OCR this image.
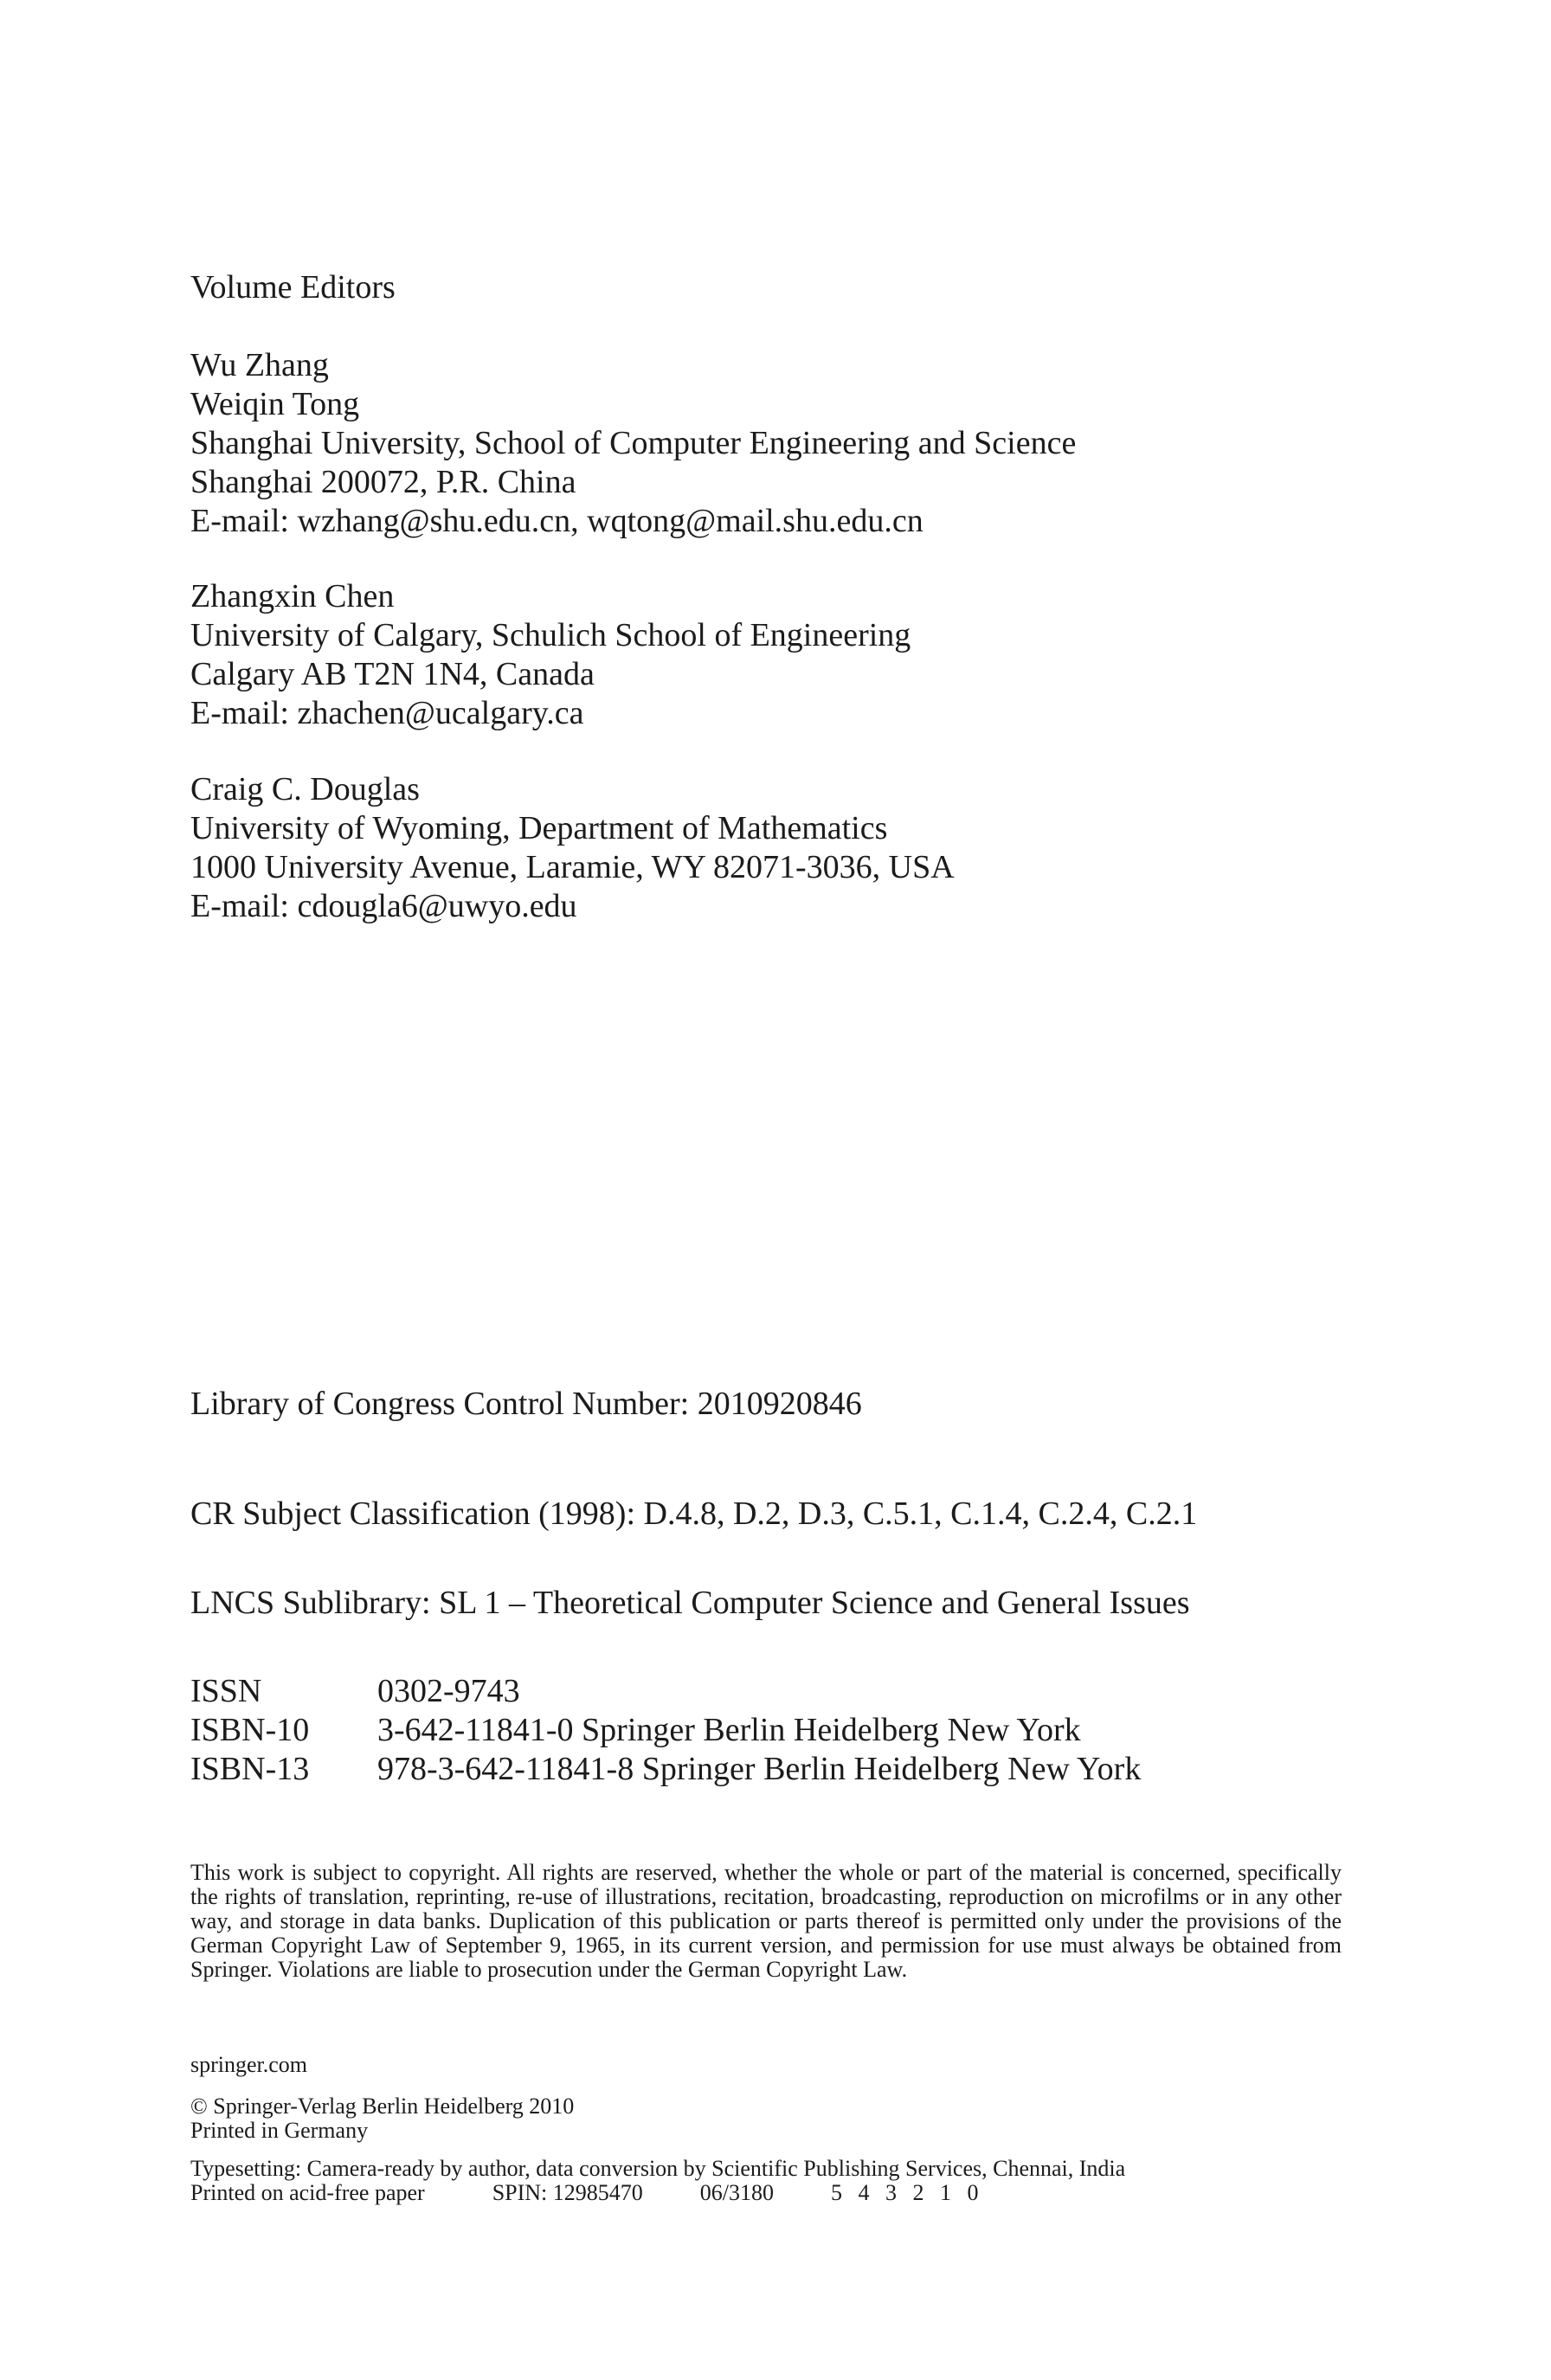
Volume Editors
Wu Zhang
Weiqin Tong
Shanghai University, School of Computer Engineering and Science
Shanghai 200072, P.R. China
E-mail: wzhang@shu.edu.cn, wqtong@mail.shu.edu.cn
Zhangxin Chen
University of Calgary, Schulich School of Engineering
Calgary AB T2N 1N4, Canada
E-mail: zhachen@ucalgary.ca
Craig C. Douglas
University of Wyoming, Department of Mathematics
1000 University Avenue, Laramie, WY 82071-3036, USA
E-mail: cdougla6@uwyo.edu
Library of Congress Control Number: 2010920846
CR Subject Classification (1998): D.4.8, D.2, D.3, C.5.1, C.1.4, C.2.4, C.2.1
LNCS Sublibrary: SL 1 – Theoretical Computer Science and General Issues
ISSN	0302-9743
ISBN-10	3-642-11841-0 Springer Berlin Heidelberg New York
ISBN-13	978-3-642-11841-8 Springer Berlin Heidelberg New York
This work is subject to copyright. All rights are reserved, whether the whole or part of the material is concerned, specifically the rights of translation, reprinting, re-use of illustrations, recitation, broadcasting, reproduction on microfilms or in any other way, and storage in data banks. Duplication of this publication or parts thereof is permitted only under the provisions of the German Copyright Law of September 9, 1965, in its current version, and permission for use must always be obtained from Springer. Violations are liable to prosecution under the German Copyright Law.
springer.com
© Springer-Verlag Berlin Heidelberg 2010
Printed in Germany
Typesetting: Camera-ready by author, data conversion by Scientific Publishing Services, Chennai, India
Printed on acid-free paper	SPIN: 12985470	06/3180	5 4 3 2 1 0
